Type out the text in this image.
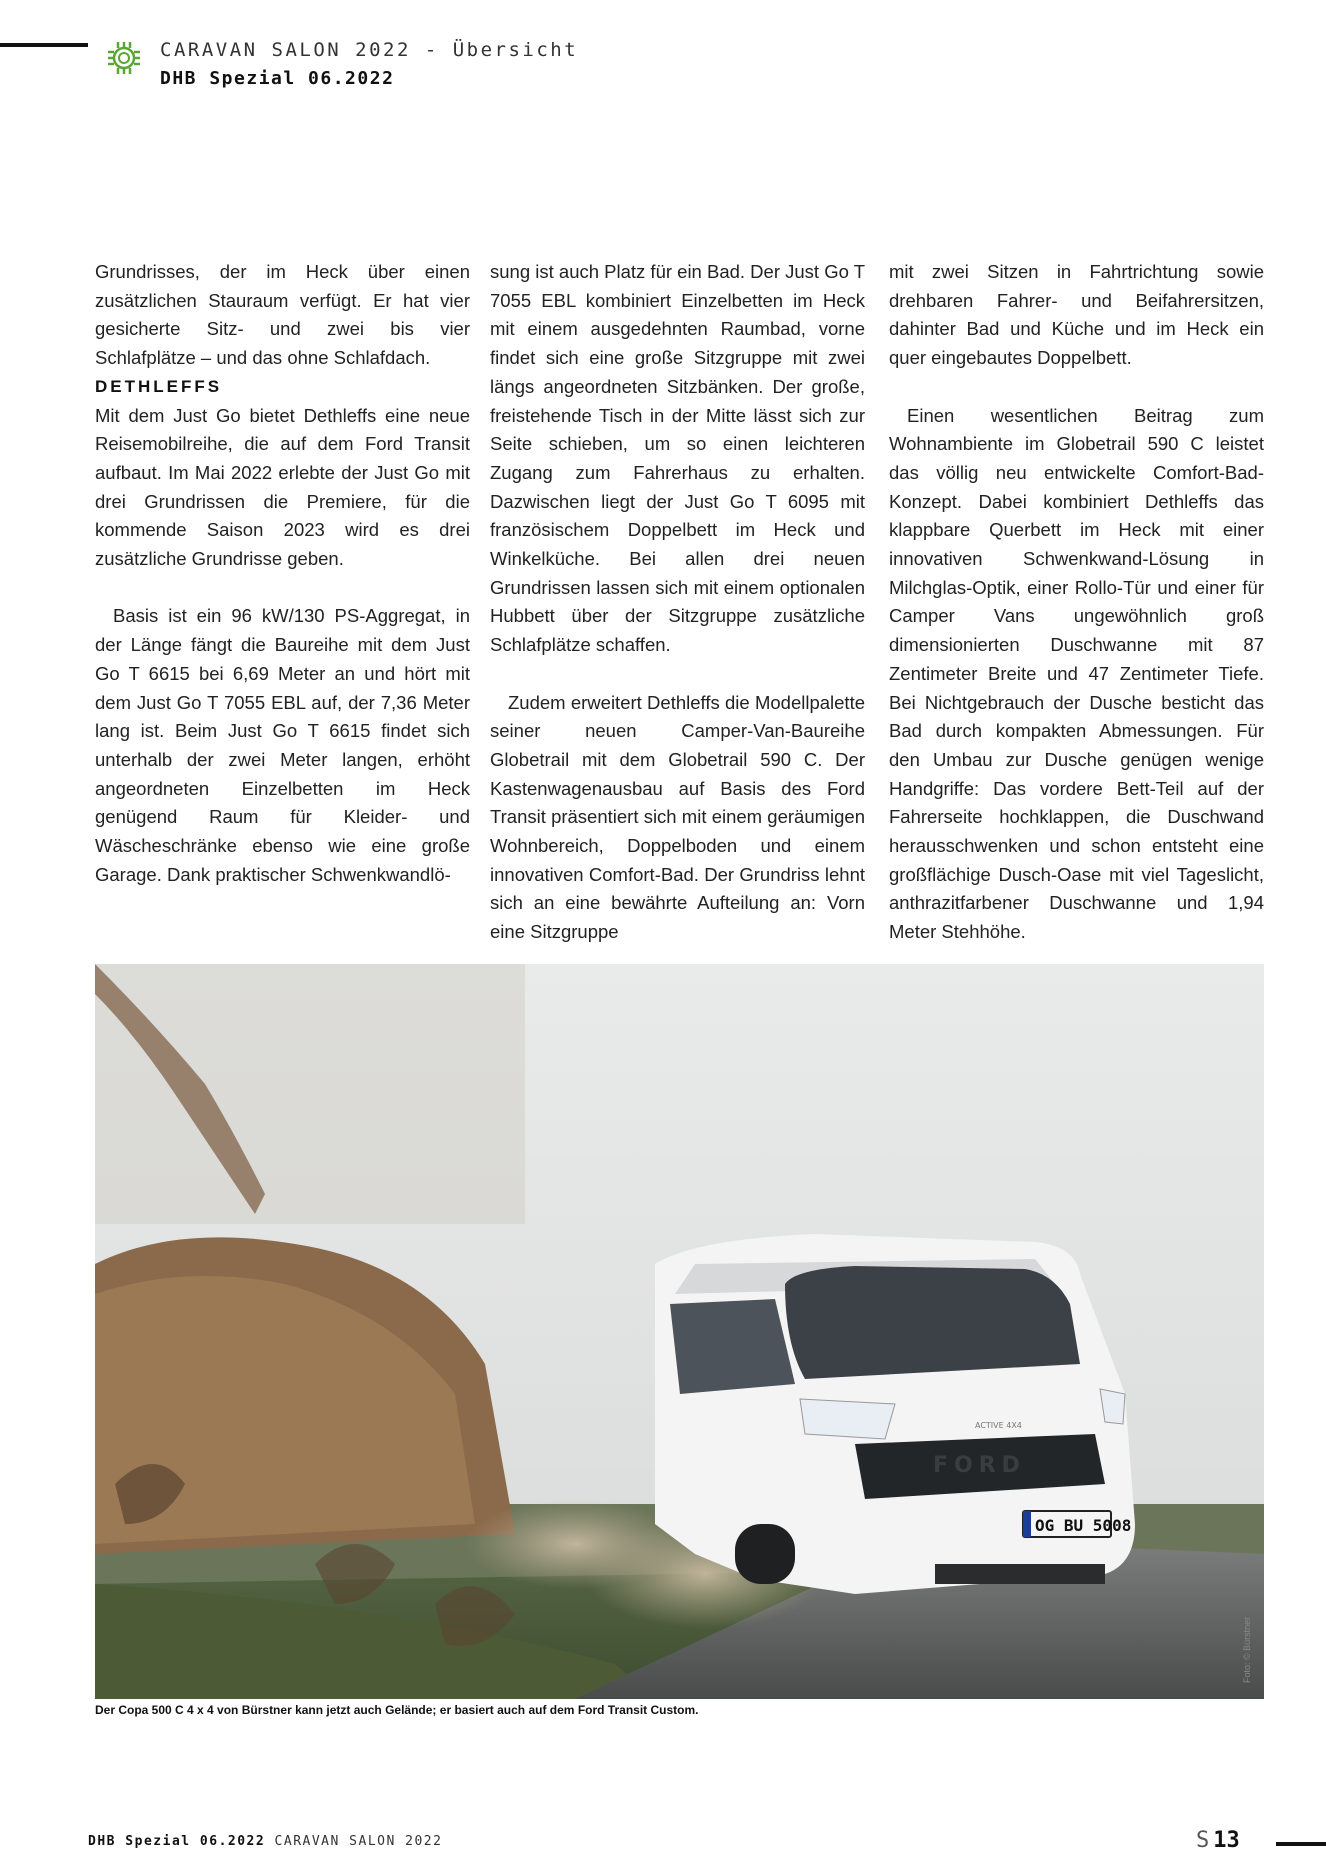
CARAVAN SALON 2022 - Übersicht
DHB Spezial 06.2022

Grundrisses, der im Heck über einen zusätzlichen Stauraum verfügt. Er hat vier gesicherte Sitz- und zwei bis vier Schlafplätze – und das ohne Schlafdach.

DETHLEFFS

Mit dem Just Go bietet Dethleffs eine neue Reisemobilreihe, die auf dem Ford Transit aufbaut. Im Mai 2022 erlebte der Just Go mit drei Grundrissen die Premiere, für die kommende Saison 2023 wird es drei zusätzliche Grundrisse geben.

Basis ist ein 96 kW/130 PS-Aggregat, in der Länge fängt die Baureihe mit dem Just Go T 6615 bei 6,69 Meter an und hört mit dem Just Go T 7055 EBL auf, der 7,36 Meter lang ist. Beim Just Go T 6615 findet sich unterhalb der zwei Meter langen, erhöht angeordneten Einzelbetten im Heck genügend Raum für Kleider- und Wäscheschränke ebenso wie eine große Garage. Dank praktischer Schwenkwandlö-

sung ist auch Platz für ein Bad. Der Just Go T 7055 EBL kombiniert Einzelbetten im Heck mit einem ausgedehnten Raumbad, vorne findet sich eine große Sitzgruppe mit zwei längs angeordneten Sitzbänken. Der große, freistehende Tisch in der Mitte lässt sich zur Seite schieben, um so einen leichteren Zugang zum Fahrerhaus zu erhalten. Dazwischen liegt der Just Go T 6095 mit französischem Doppelbett im Heck und Winkelküche. Bei allen drei neuen Grundrissen lassen sich mit einem optionalen Hubbett über der Sitzgruppe zusätzliche Schlafplätze schaffen.

Zudem erweitert Dethleffs die Modellpalette seiner neuen Camper-Van-Baureihe Globetrail mit dem Globetrail 590 C. Der Kastenwagenausbau auf Basis des Ford Transit präsentiert sich mit einem geräumigen Wohnbereich, Doppelboden und einem innovativen Comfort-Bad. Der Grundriss lehnt sich an eine bewährte Aufteilung an: Vorn eine Sitzgruppe

mit zwei Sitzen in Fahrtrichtung sowie drehbaren Fahrer- und Beifahrersitzen, dahinter Bad und Küche und im Heck ein quer eingebautes Doppelbett.

Einen wesentlichen Beitrag zum Wohnambiente im Globetrail 590 C leistet das völlig neu entwickelte Comfort-Bad-Konzept. Dabei kombiniert Dethleffs das klappbare Querbett im Heck mit einer innovativen Schwenkwand-Lösung in Milchglas-Optik, einer Rollo-Tür und einer für Camper Vans ungewöhnlich groß dimensionierten Duschwanne mit 87 Zentimeter Breite und 47 Zentimeter Tiefe. Bei Nichtgebrauch der Dusche besticht das Bad durch kompakten Abmessungen. Für den Umbau zur Dusche genügen wenige Handgriffe: Das vordere Bett-Teil auf der Fahrerseite hochklappen, die Duschwand herausschwenken und schon entsteht eine großflächige Dusch-Oase mit viel Tageslicht, anthrazitfarbener Duschwanne und 1,94 Meter Stehhöhe.

OG BU 5008
ACTIVE 4X4
FORD
Foto: © Bürstner
Der Copa 500 C 4 x 4 von Bürstner kann jetzt auch Gelände; er basiert auch auf dem Ford Transit Custom.
DHB Spezial 06.2022 CARAVAN SALON 2022	S 13
